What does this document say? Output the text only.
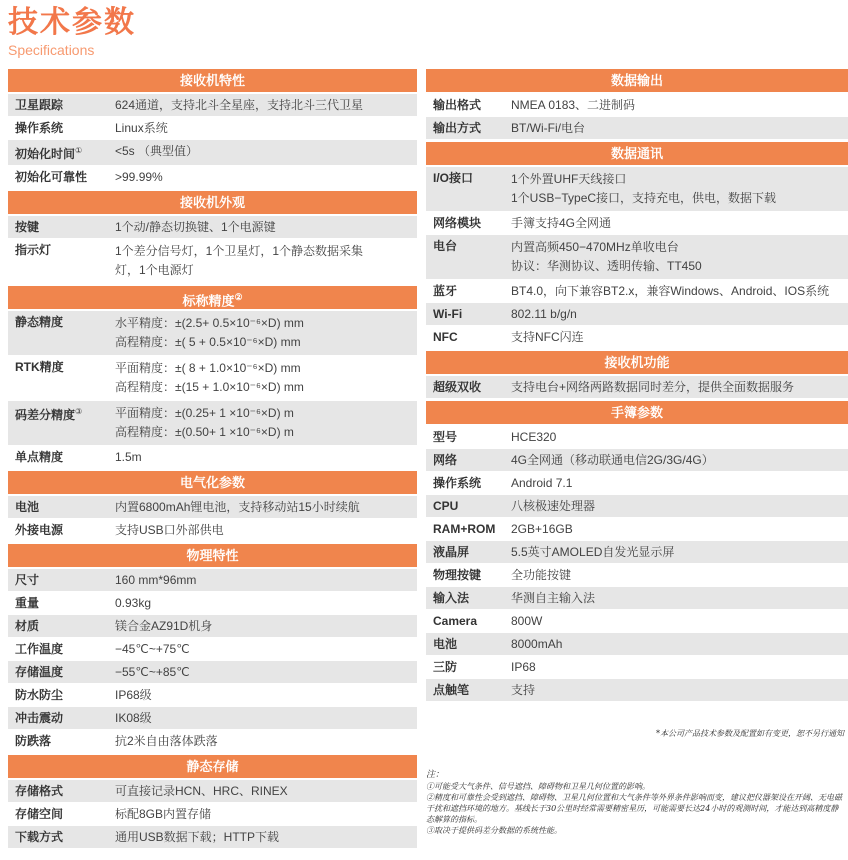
技术参数
Specifications
接收机特性
卫星跟踪	624通道，支持北斗全星座，支持北斗三代卫星
操作系统	Linux系统
初始化时间①	<5s （典型值）
初始化可靠性	>99.99%
接收机外观
按键	1个动/静态切换键、1个电源键
指示灯	1个差分信号灯，1个卫星灯，1个静态数据采集
灯，1个电源灯
标称精度②
静态精度	水平精度：±(2.5+ 0.5×10⁻⁶×D) mm
高程精度：±( 5 + 0.5×10⁻⁶×D) mm
RTK精度	平面精度：±( 8 + 1.0×10⁻⁶×D) mm
高程精度：±(15 + 1.0×10⁻⁶×D) mm
码差分精度③	平面精度：±(0.25+ 1 ×10⁻⁶×D) m
高程精度：±(0.50+ 1 ×10⁻⁶×D) m
单点精度	1.5m
电气化参数
电池	内置6800mAh锂电池，支持移动站15小时续航
外接电源	支持USB口外部供电
物理特性
尺寸	160 mm*96mm
重量	0.93kg
材质	镁合金AZ91D机身
工作温度	−45℃~+75℃
存储温度	−55℃~+85℃
防水防尘	IP68级
冲击震动	IK08级
防跌落	抗2米自由落体跌落
静态存储
存储格式	可直接记录HCN、HRC、RINEX
存储空间	标配8GB内置存储
下载方式	通用USB数据下载；HTTP下载
数据输出
输出格式	NMEA 0183、二进制码
输出方式	BT/Wi-Fi/电台
数据通讯
I/O接口	1个外置UHF天线接口
1个USB−TypeC接口，支持充电，供电，数据下载
网络模块	手簿支持4G全网通
电台	内置高频450−470MHz单收电台
协议：华测协议、透明传输、TT450
蓝牙	BT4.0，向下兼容BT2.x，兼容Windows、Android、IOS系统
Wi-Fi	802.11 b/g/n
NFC	支持NFC闪连
接收机功能
超级双收	支持电台+网络两路数据同时差分，提供全面数据服务
手簿参数
型号	HCE320
网络	4G全网通（移动联通电信2G/3G/4G）
操作系统	Android 7.1
CPU	八核极速处理器
RAM+ROM	2GB+16GB
液晶屏	5.5英寸AMOLED自发光显示屏
物理按键	全功能按键
输入法	华测自主输入法
Camera	800W
电池	8000mAh
三防	IP68
点触笔	支持
*本公司产品技术参数及配置如有变更，恕不另行通知
注：
①可能受大气条件、信号遮挡、障碍物和卫星几何位置的影响。
②精度和可靠性会受到遮挡、障碍物、卫星几何位置和大气条件等外界条件影响而变，建议把仪器架设在开阔、无电磁干扰和遮挡环境的地方。基线长于30公里时经常需要精密星历，可能需要长达24小时的观测时间，才能达到高精度静态解算的指标。
③取决于提供码差分数据的系统性能。
